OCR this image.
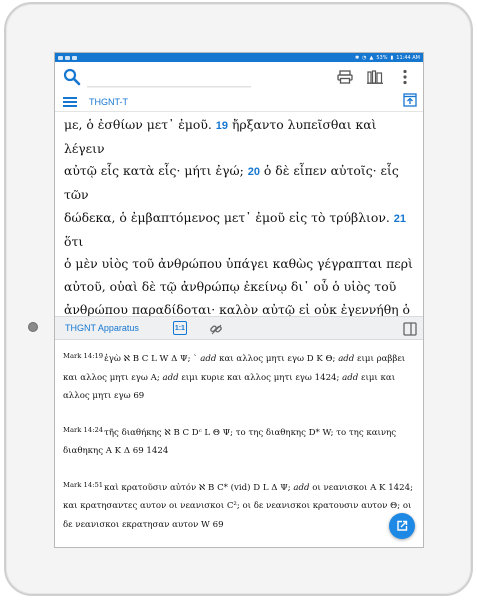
✱ ◔ ▲ 53% ▮ 11:44 AM
THGNT-T

με, ὁ ἐσθίων μετ᾽ ἐμοῦ. 19 ἤρξαντο λυπεῖσθαι καὶ λέγειν

αὐτῷ εἷς κατὰ εἷς· μήτι ἐγώ; 20 ὁ δὲ εἶπεν αὐτοῖς· εἷς τῶν

δώδεκα, ὁ ἐμβαπτόμενος μετ᾽ ἐμοῦ εἰς τὸ τρύβλιον. 21 ὅτι

ὁ μὲν υἱὸς τοῦ ἀνθρώπου ὑπάγει καθὼς γέγραπται περὶ

αὐτοῦ, οὐαὶ δὲ τῷ ἀνθρώπῳ ἐκείνῳ δι᾽ οὗ ὁ υἱὸς τοῦ

ἀνθρώπου παραδίδοται· καλὸν αὐτῷ εἰ οὐκ ἐγεννήθη ὁ

THGNT Apparatus	1:1
$^{Mark 14:19}$ἐγὼ ℵ B C L W Δ Ψ; ` add και αλλος μητι εγω D K Θ; add ειμι ραββει και αλλος μητι εγω A; add ειμι κυριε και αλλος μητι εγω 1424; add ειμι και αλλος μητι εγω 69
$^{Mark 14:24}$τῆς διαθήκης ℵ B C Dᶜ L Θ Ψ; το της διαθηκης D* W; το της καινης διαθηκης A K Δ 69 1424
$^{Mark 14:51}$καὶ κρατοῦσιν αὐτόν ℵ B C* (vid) D L Δ Ψ; add οι νεανισκοι A K 1424; και κρατησαντες αυτον οι νεανισκοι C²; οι δε νεανισκοι κρατουσιν αυτον Θ; οι δε νεανισκοι εκρατησαν αυτον W 69
